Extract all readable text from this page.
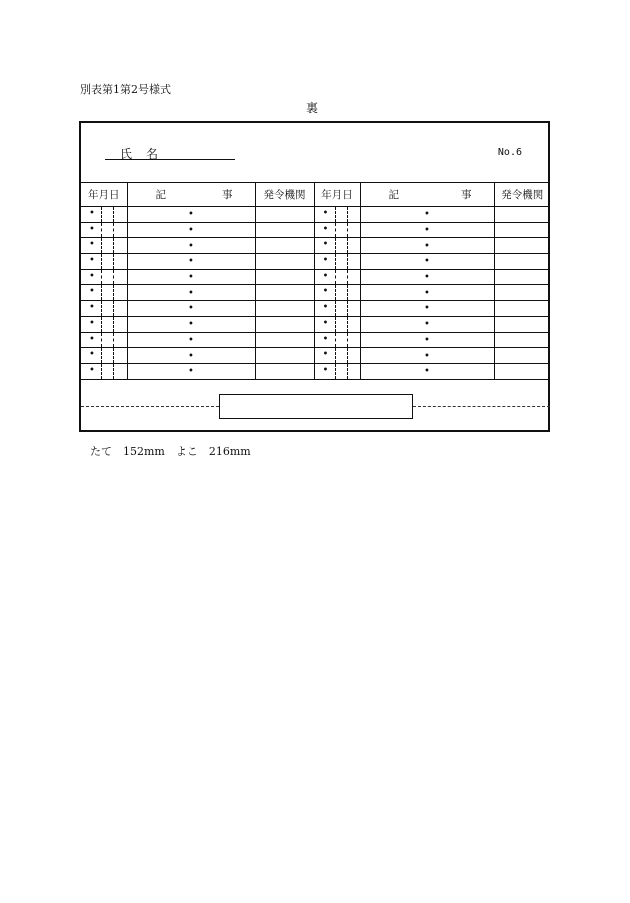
別表第1第2号様式
裏
氏　名	No.6
年月日	記 事	発令機関	年月日	記 事	発令機関

•	•		•	•	

•	•		•	•	

•	•		•	•	

•	•		•	•	

•	•		•	•	

•	•		•	•	

•	•		•	•	

•	•		•	•	

•	•		•	•	

•	•		•	•	

•	•		•	•	
たて　152mm　よこ　216mm
